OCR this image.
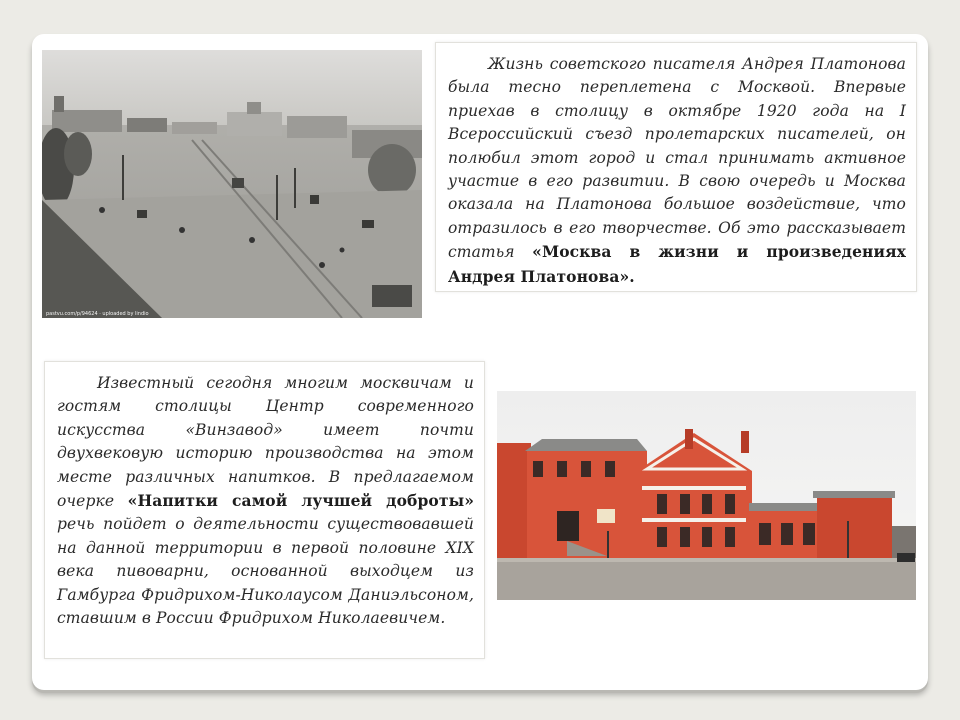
pastvu.com/p/94624 · uploaded by lindio

Жизнь советского писателя Андрея Платонова была тесно переплетена с Москвой. Впервые приехав в столицу в октябре 1920 года на I Всероссийский съезд пролетарских писателей, он полюбил этот город и стал принимать активное участие в его развитии. В свою очередь и Москва оказала на Платонова большое воздействие, что отразилось в его творчестве. Об это рассказывает статья «Москва в жизни и произведениях Андрея Платонова».

Известный сегодня многим москвичам и гостям столицы Центр современного искусства «Винзавод» имеет почти двухвековую историю производства на этом месте различных напитков. В предлагаемом очерке «Напитки самой лучшей доброты» речь пойдет о деятельности существовавшей на данной территории в первой половине XIX века пивоварни, основанной выходцем из Гамбурга Фридрихом-Николаусом Даниэльсоном, ставшим в России Фридрихом Николаевичем.
